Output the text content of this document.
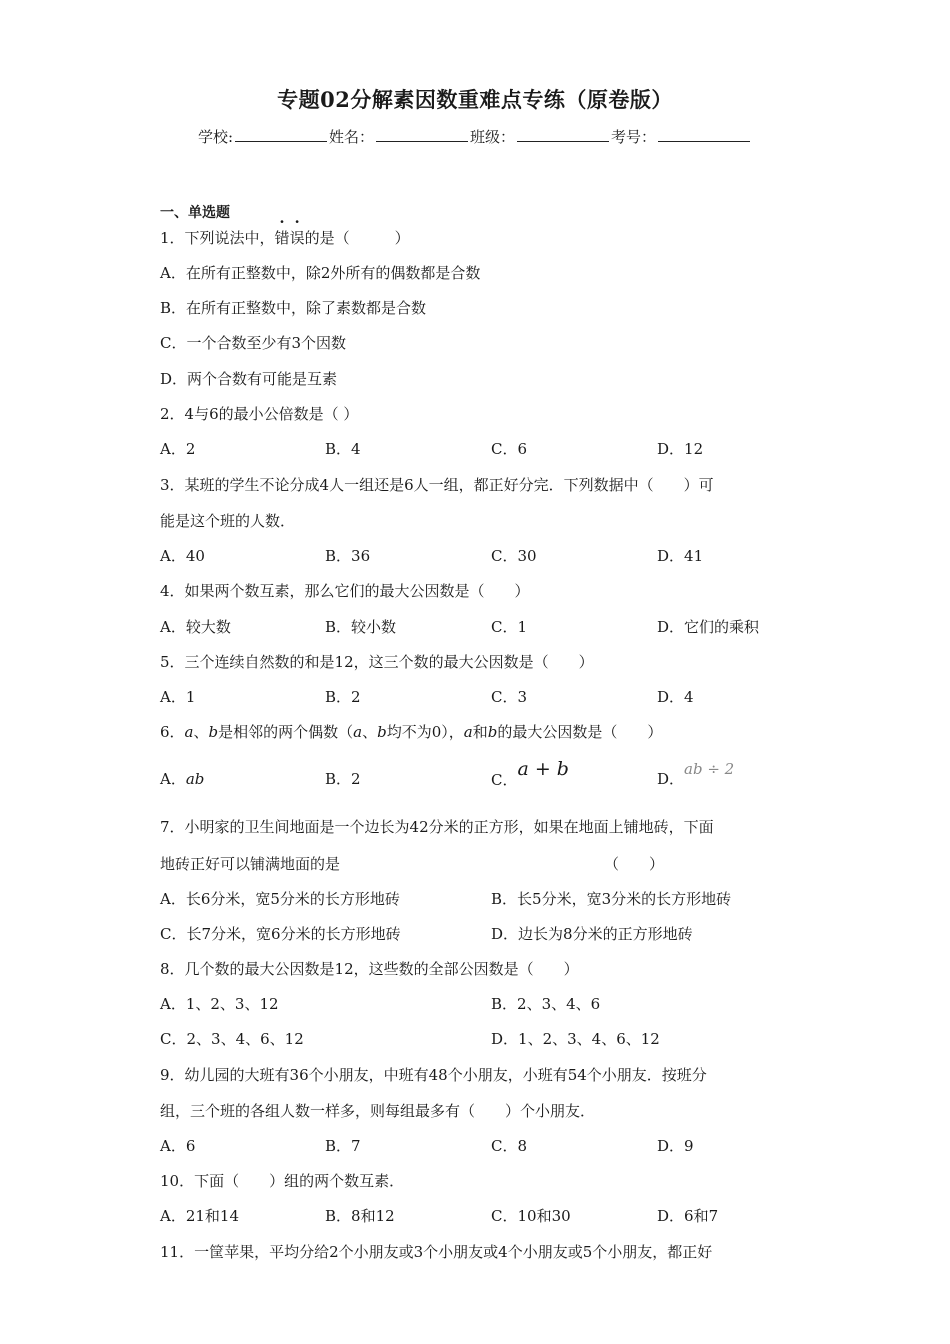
专题02分解素因数重难点专练（原卷版）
学校:	姓名：	班级：	考号：
一、单选题
1．下列说法中，错误的是（　　　）
A．在所有正整数中，除2外所有的偶数都是合数
B．在所有正整数中，除了素数都是合数
C．一个合数至少有3个因数
D．两个合数有可能是互素
2．4与6的最小公倍数是（ ）
A．2	B．4	C．6	D．12
3．某班的学生不论分成4人一组还是6人一组，都正好分完．下列数据中（　　）可
能是这个班的人数．
A．40	B．36	C．30	D．41
4．如果两个数互素，那么它们的最大公因数是（　　）
A．较大数	B．较小数	C．1	D．它们的乘积
5．三个连续自然数的和是12，这三个数的最大公因数是（　　）
A．1	B．2	C．3	D．4
6．a、b是相邻的两个偶数（a、b均不为0），a和b的最大公因数是（　　）
A．ab	B．2	C．a + b	D．ab ÷ 2
7．小明家的卫生间地面是一个边长为42分米的正方形，如果在地面上铺地砖，下面
地砖正好可以铺满地面的是	（　　）
A．长6分米，宽5分米的长方形地砖	B．长5分米，宽3分米的长方形地砖
C．长7分米，宽6分米的长方形地砖	D．边长为8分米的正方形地砖
8．几个数的最大公因数是12，这些数的全部公因数是（　　）
A．1、2、3、12	B．2、3、4、6
C．2、3、4、6、12	D．1、2、3、4、6、12
9．幼儿园的大班有36个小朋友，中班有48个小朋友，小班有54个小朋友．按班分
组，三个班的各组人数一样多，则每组最多有（　　）个小朋友．
A．6	B．7	C．8	D．9
10．下面（　　）组的两个数互素．
A．21和14	B．8和12	C．10和30	D．6和7
11．一筐苹果，平均分给2个小朋友或3个小朋友或4个小朋友或5个小朋友，都正好
